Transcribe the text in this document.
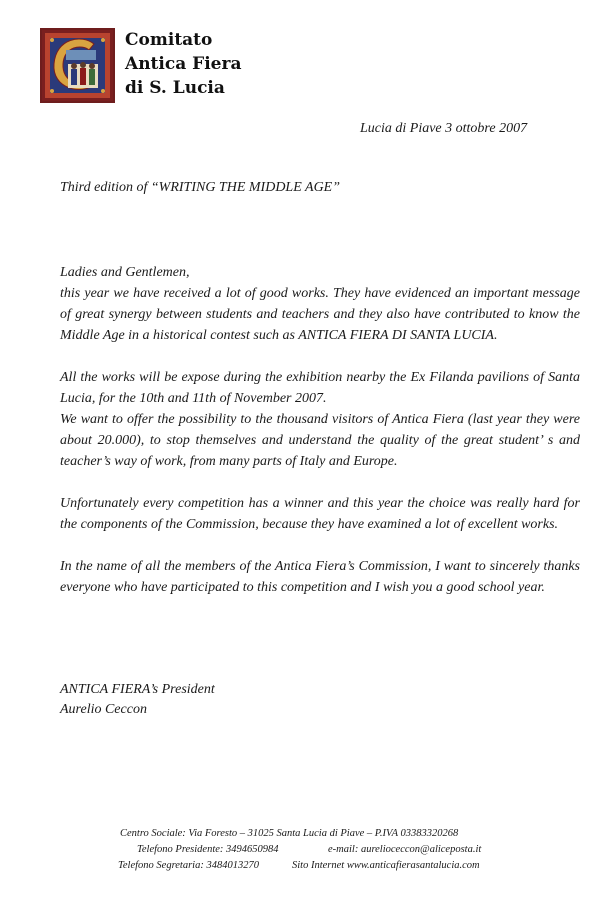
Comitato
Antica Fiera
di S. Lucia
Lucia di Piave 3 ottobre 2007
Third edition of “WRITING THE MIDDLE AGE”

Ladies and Gentlemen,

this year we have received a lot of good works. They have evidenced an important message of great synergy between students and teachers and they also have contributed to know the Middle Age in a historical contest such as ANTICA FIERA DI SANTA LUCIA.

All the works will be expose during the exhibition nearby the Ex Filanda pavilions of Santa Lucia, for the 10th and 11th of November 2007.

We want to offer the possibility to the thousand visitors of Antica Fiera (last year they were about 20.000), to stop themselves and understand the quality of the great student’ s and teacher’s way of work, from many parts of Italy and Europe.

Unfortunately every competition has a winner and this year the choice was really hard for the components of the Commission, because they have examined a lot of excellent works.

In the name of all the members of the Antica Fiera’s Commission, I want to sincerely thanks everyone who have participated to this competition and I wish you a good school year.

ANTICA FIERA’s President
Aurelio Ceccon
Centro Sociale: Via Foresto – 31025 Santa Lucia di Piave – P.IVA 03383320268
Telefono Presidente: 3494650984	e-mail: aurelioceccon@aliceposta.it
Telefono Segretaria: 3484013270	Sito Internet www.anticafierasantalucia.com
